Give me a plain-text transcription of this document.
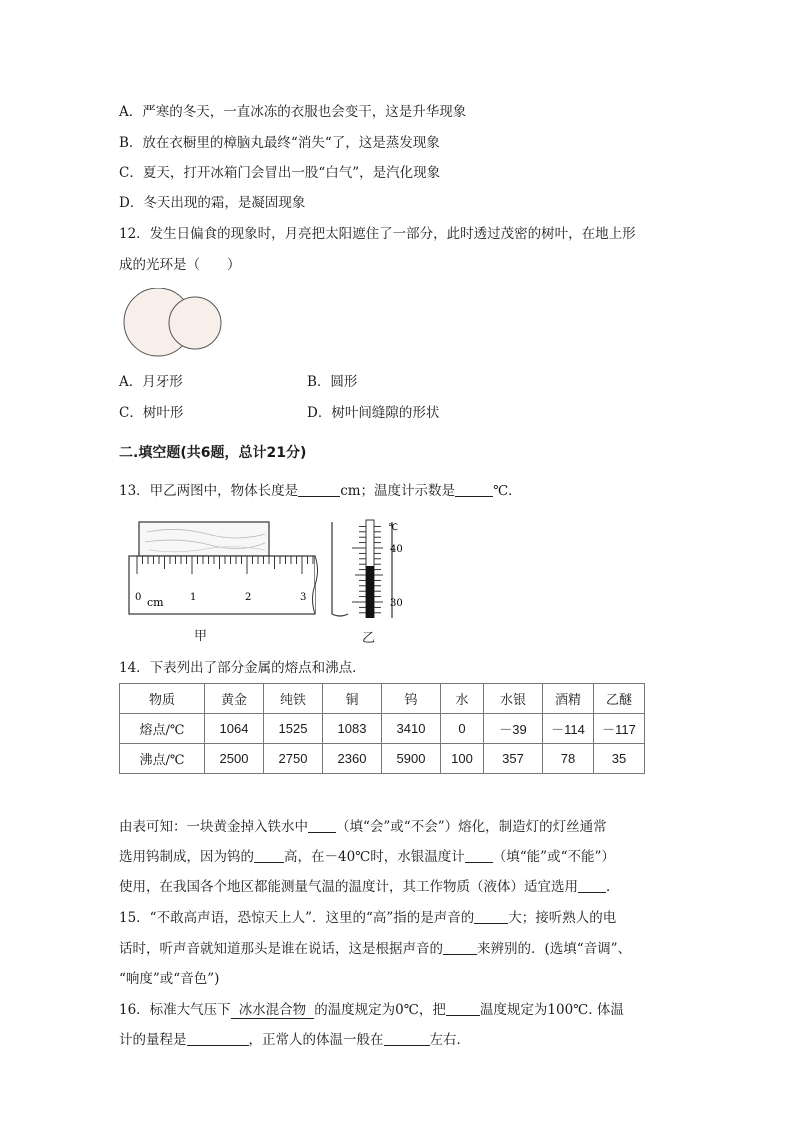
A．严寒的冬天，一直冰冻的衣服也会变干，这是升华现象
B．放在衣橱里的樟脑丸最终“消失“了，这是蒸发现象
C．夏天，打开冰箱门会冒出一股“白气”，是汽化现象
D．冬天出现的霜，是凝固现象
12．发生日偏食的现象时，月亮把太阳遮住了一部分，此时透过茂密的树叶，在地上形
成的光环是（　　）
A．月牙形	B．圆形
C．树叶形	D．树叶间缝隙的形状
二.填空题(共6题，总计21分)
13．甲乙两图中，物体长度是	cm；温度计示数是	℃．
0 cm	1	2	3
甲
℃
40
30
乙
14．下表列出了部分金属的熔点和沸点．
物质	黄金	纯铁	铜	钨	水	水银	酒精	乙醚
熔点/℃	1064	1525	1083	3410	0	－39	－114	－117
沸点/℃	2500	2750	2360	5900	100	357	78	35
由表可知：一块黄金掉入铁水中 （填“会”或“不会”）熔化，制造灯的灯丝通常
选用钨制成，因为钨的 高，在－40℃时，水银温度计 （填“能”或“不能”）
使用，在我国各个地区都能测量气温的温度计，其工作物质（液体）适宜选用 ．
15．“不敢高声语，恐惊天上人”．这里的“高”指的是声音的	大；接听熟人的电
话时，听声音就知道那头是谁在说话，这是根据声音的	来辨别的．(选填“音调”、
“响度”或“音色”)
16．标准大气压下 冰水混合物 的温度规定为0℃，把	温度规定为100℃. 体温
计的量程是	，正常人的体温一般在	左右．
